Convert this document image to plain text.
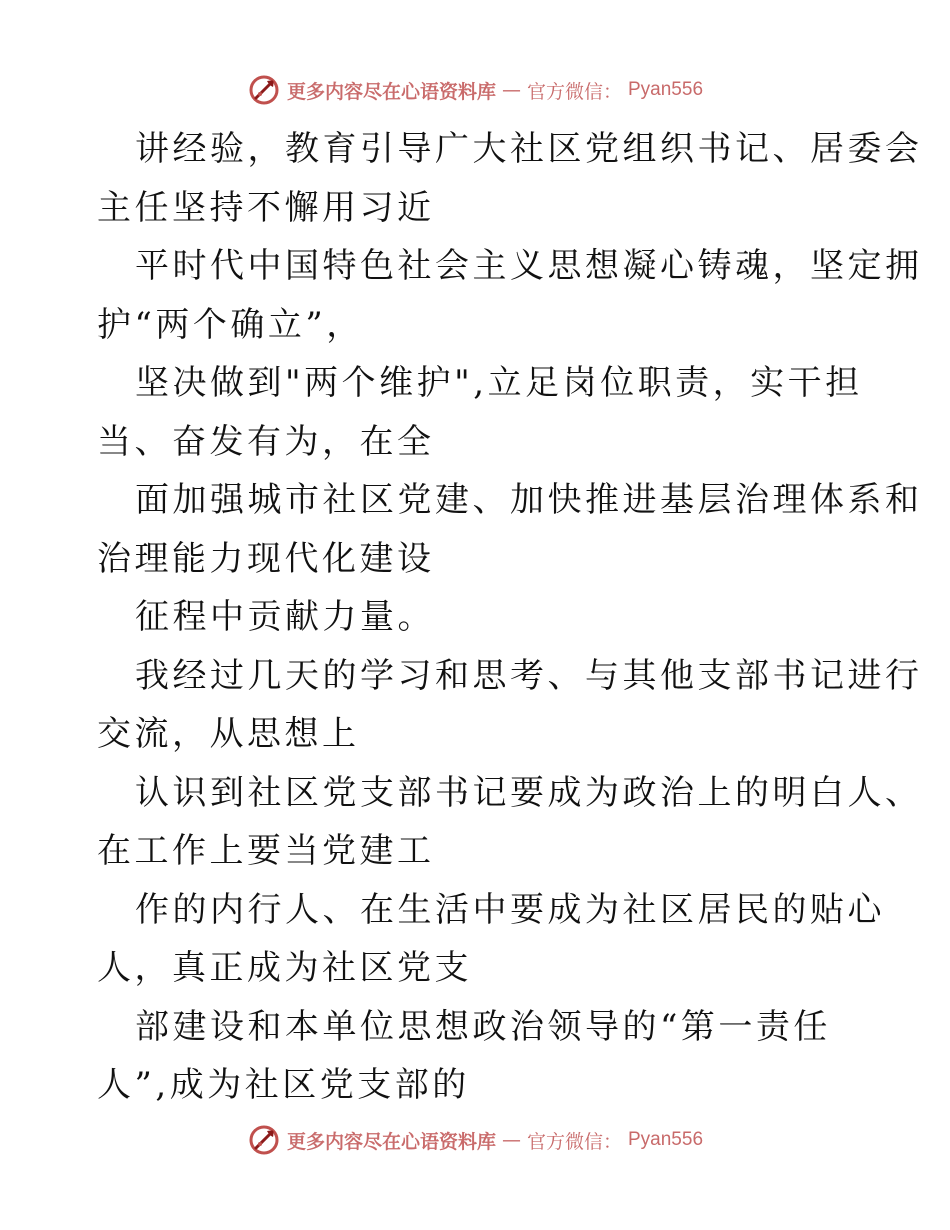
更多内容尽在心语资料库 — 官方微信： Pyan556
讲经验，教育引导广大社区党组织书记、居委会
主任坚持不懈用习近
平时代中国特色社会主义思想凝心铸魂，坚定拥
护“两个确立”，
坚决做到"两个维护",立足岗位职责，实干担
当、奋发有为，在全
面加强城市社区党建、加快推进基层治理体系和
治理能力现代化建设
征程中贡献力量。
我经过几天的学习和思考、与其他支部书记进行
交流，从思想上
认识到社区党支部书记要成为政治上的明白人、
在工作上要当党建工
作的内行人、在生活中要成为社区居民的贴心
人，真正成为社区党支
部建设和本单位思想政治领导的“第一责任
人”,成为社区党支部的
更多内容尽在心语资料库 — 官方微信： Pyan556
